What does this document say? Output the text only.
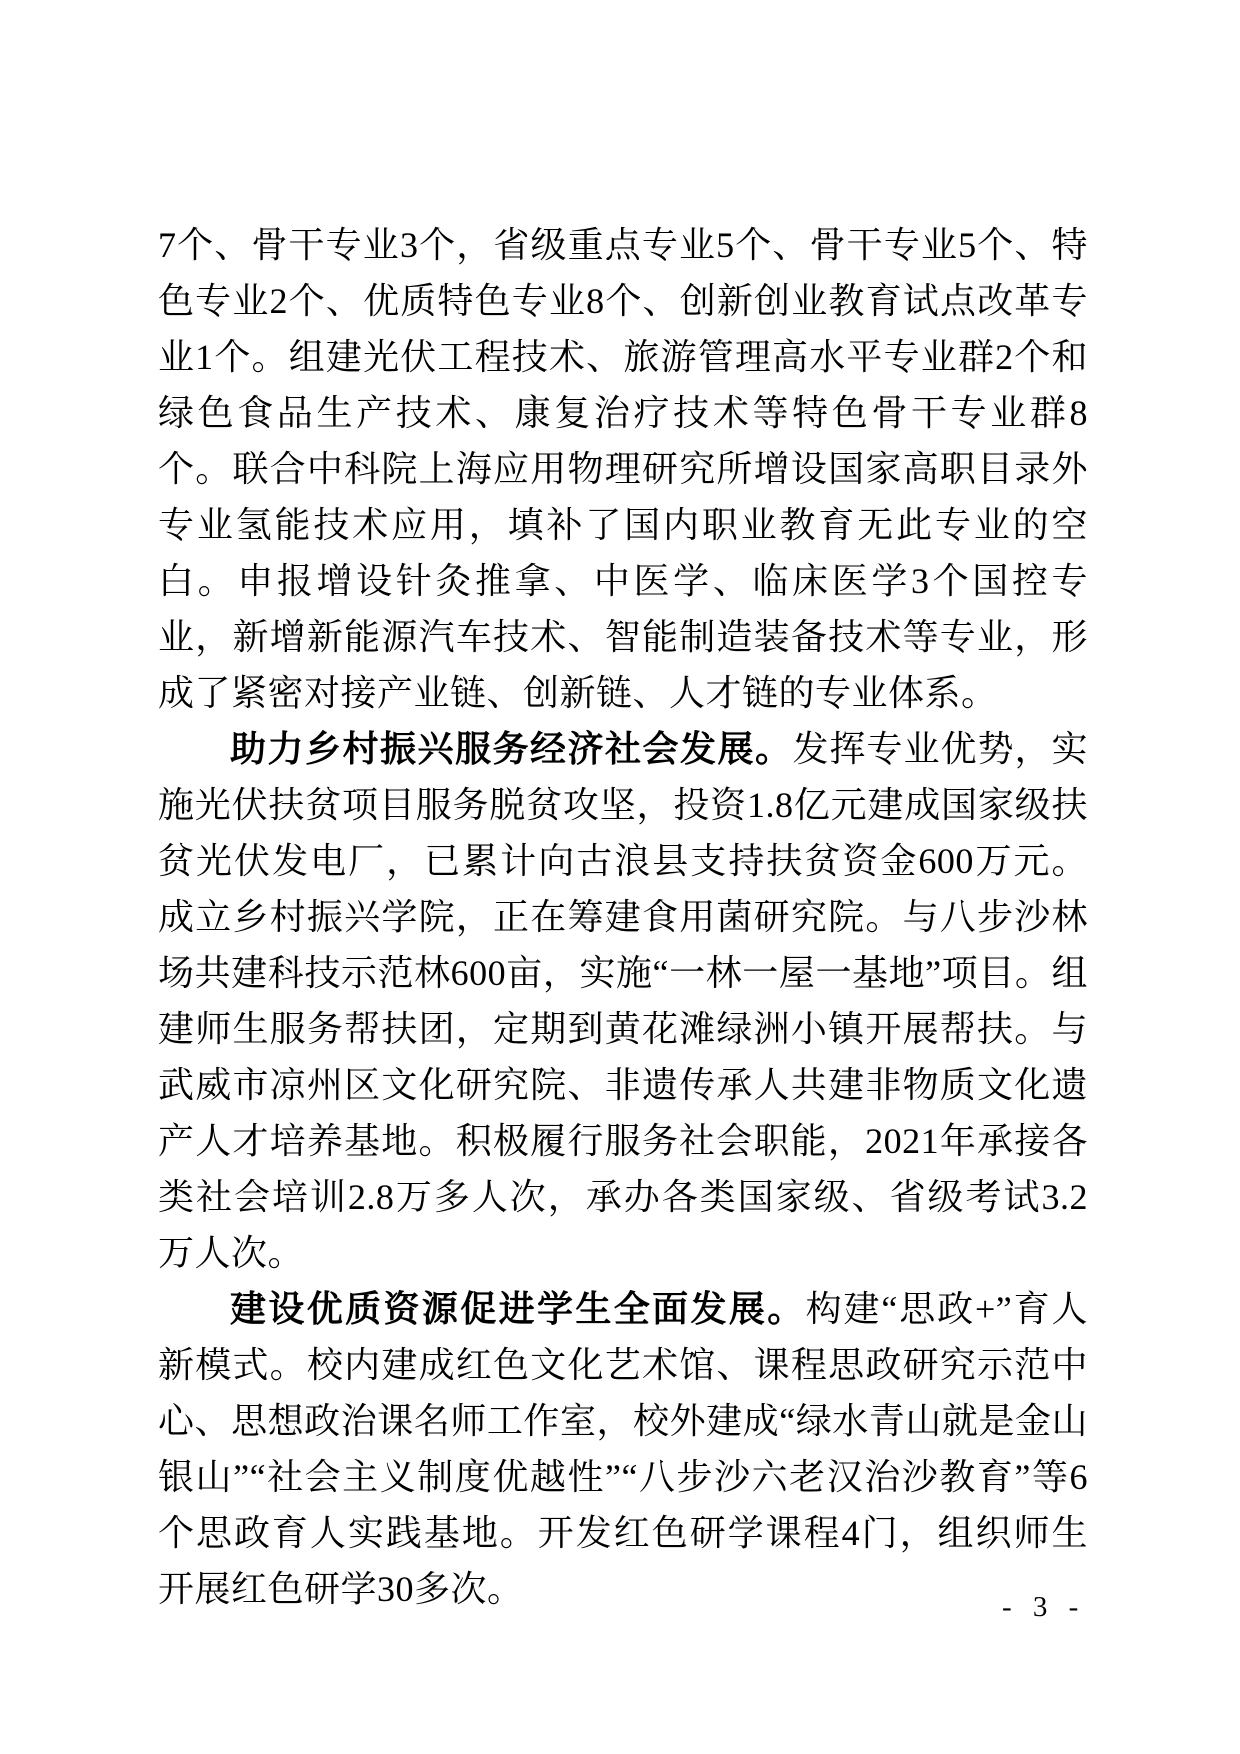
7个、骨干专业3个，省级重点专业5个、骨干专业5个、特色专业2个、优质特色专业8个、创新创业教育试点改革专业1个。组建光伏工程技术、旅游管理高水平专业群2个和绿色食品生产技术、康复治疗技术等特色骨干专业群8个。联合中科院上海应用物理研究所增设国家高职目录外专业氢能技术应用，填补了国内职业教育无此专业的空白。申报增设针灸推拿、中医学、临床医学3个国控专业，新增新能源汽车技术、智能制造装备技术等专业，形成了紧密对接产业链、创新链、人才链的专业体系。

助力乡村振兴服务经济社会发展。发挥专业优势，实施光伏扶贫项目服务脱贫攻坚，投资1.8亿元建成国家级扶贫光伏发电厂，已累计向古浪县支持扶贫资金600万元。成立乡村振兴学院，正在筹建食用菌研究院。与八步沙林场共建科技示范林600亩，实施“一林一屋一基地”项目。组建师生服务帮扶团，定期到黄花滩绿洲小镇开展帮扶。与武威市凉州区文化研究院、非遗传承人共建非物质文化遗产人才培养基地。积极履行服务社会职能，2021年承接各类社会培训2.8万多人次，承办各类国家级、省级考试3.2万人次。

建设优质资源促进学生全面发展。构建“思政+”育人新模式。校内建成红色文化艺术馆、课程思政研究示范中心、思想政治课名师工作室，校外建成“绿水青山就是金山银山”“社会主义制度优越性”“八步沙六老汉治沙教育”等6个思政育人实践基地。开发红色研学课程4门，组织师生开展红色研学30多次。	- 3 -
